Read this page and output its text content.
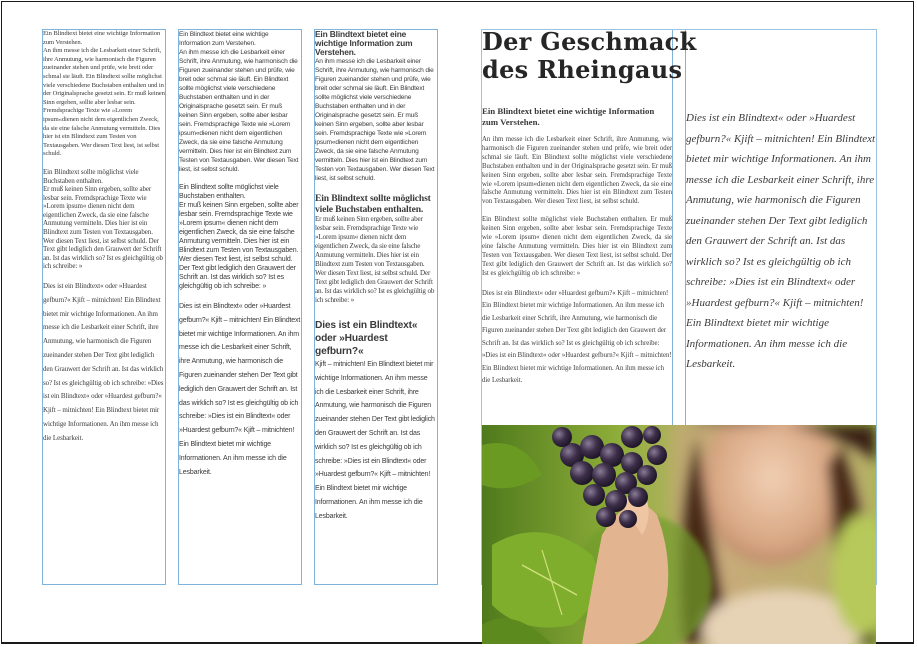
Ein Blindtext bietet eine wichtige Information zum Verstehen.

An ihm messe ich die Lesbarkeit einer Schrift, ihre Anmutung, wie harmonisch die Figuren zueinander stehen und prüfe, wie breit oder schmal sie läuft. Ein Blindtext sollte möglichst viele verschiedene Buchstaben enthalten und in der Originalsprache gesetzt sein. Er muß keinen Sinn ergeben, sollte aber lesbar sein. Fremdsprachige Texte wie »Lorem ipsum«dienen nicht dem eigentlichen Zweck, da sie eine falsche Anmutung vermitteln. Dies hier ist ein Blindtext zum Testen von Textausgaben. Wer diesen Text liest, ist selbst schuld.

Ein Blindtext sollte möglichst viele Buchstaben enthalten.

Er muß keinen Sinn ergeben, sollte aber lesbar sein. Fremdsprachige Texte wie »Lorem ipsum« dienen nicht dem eigentlichen Zweck, da sie eine falsche Anmutung vermitteln. Dies hier ist ein Blindtext zum Testen von Textausgaben. Wer diesen Text liest, ist selbst schuld. Der Text gibt lediglich den Grauwert der Schrift an. Ist das wirklich so? Ist es gleichgültig ob ich schreibe: »

Dies ist ein Blindtext« oder »Huardest gefburn?« Kjift – mitnichten! Ein Blindtext bietet mir wichtige Informationen. An ihm messe ich die Lesbarkeit einer Schrift, ihre Anmutung, wie harmonisch die Figuren zueinander stehen Der Text gibt lediglich den Grauwert der Schrift an. Ist das wirklich so? Ist es gleichgültig ob ich schreibe: »Dies ist ein Blindtext« oder »Huardest gefburn?« Kjift – mitnichten! Ein Blindtext bietet mir wichtige Informationen. An ihm messe ich die Lesbarkeit.

Ein Blindtext bietet eine wichtige Information zum Verstehen.

An ihm messe ich die Lesbarkeit einer Schrift, ihre Anmutung, wie harmonisch die Figuren zueinander stehen und prüfe, wie breit oder schmal sie läuft. Ein Blindtext sollte möglichst viele verschiedene Buchstaben enthalten und in der Originalsprache gesetzt sein. Er muß keinen Sinn ergeben, sollte aber lesbar sein. Fremdsprachige Texte wie »Lorem ipsum«dienen nicht dem eigentlichen Zweck, da sie eine falsche Anmutung vermitteln. Dies hier ist ein Blindtext zum Testen von Textausgaben. Wer diesen Text liest, ist selbst schuld.

Ein Blindtext sollte möglichst viele Buchstaben enthalten.

Er muß keinen Sinn ergeben, sollte aber lesbar sein. Fremdsprachige Texte wie »Lorem ipsum« dienen nicht dem eigentlichen Zweck, da sie eine falsche Anmutung vermitteln. Dies hier ist ein Blindtext zum Testen von Textausgaben. Wer diesen Text liest, ist selbst schuld. Der Text gibt lediglich den Grauwert der Schrift an. Ist das wirklich so? Ist es gleichgültig ob ich schreibe: »

Dies ist ein Blindtext« oder »Huardest gefburn?« Kjift – mitnichten! Ein Blindtext bietet mir wichtige Informationen. An ihm messe ich die Lesbarkeit einer Schrift, ihre Anmutung, wie harmonisch die Figuren zueinander stehen Der Text gibt lediglich den Grauwert der Schrift an. Ist das wirklich so? Ist es gleichgültig ob ich schreibe: »Dies ist ein Blindtext« oder »Huardest gefburn?« Kjift – mitnichten! Ein Blindtext bietet mir wichtige Informationen. An ihm messe ich die Lesbarkeit.

Ein Blindtext bietet eine wichtige Information zum Verstehen.

An ihm messe ich die Lesbarkeit einer Schrift, ihre Anmutung, wie harmonisch die Figuren zueinander stehen und prüfe, wie breit oder schmal sie läuft. Ein Blindtext sollte möglichst viele verschiedene Buchstaben enthalten und in der Originalsprache gesetzt sein. Er muß keinen Sinn ergeben, sollte aber lesbar sein. Fremdsprachige Texte wie »Lorem ipsum«dienen nicht dem eigentlichen Zweck, da sie eine falsche Anmutung vermitteln. Dies hier ist ein Blindtext zum Testen von Textausgaben. Wer diesen Text liest, ist selbst schuld.

Ein Blindtext sollte möglichst viele Buchstaben enthalten.

Er muß keinen Sinn ergeben, sollte aber lesbar sein. Fremdsprachige Texte wie »Lorem ipsum« dienen nicht dem eigentlichen Zweck, da sie eine falsche Anmutung vermitteln. Dies hier ist ein Blindtext zum Testen von Textausgaben. Wer diesen Text liest, ist selbst schuld. Der Text gibt lediglich den Grauwert der Schrift an. Ist das wirklich so? Ist es gleichgültig ob ich schreibe: »

Dies ist ein Blindtext« oder »Huardest gefburn?«

Kjift – mitnichten! Ein Blindtext bietet mir wichtige Informationen. An ihm messe ich die Lesbarkeit einer Schrift, ihre Anmutung, wie harmonisch die Figuren zueinander stehen Der Text gibt lediglich den Grauwert der Schrift an. Ist das wirklich so? Ist es gleichgültig ob ich schreibe: »Dies ist ein Blindtext« oder »Huardest gefburn?« Kjift – mitnichten! Ein Blindtext bietet mir wichtige Informationen. An ihm messe ich die Lesbarkeit.

Der Geschmack des Rheingaus

Ein Blindtext bietet eine wichtige Information zum Verstehen.

An ihm messe ich die Lesbarkeit einer Schrift, ihre Anmutung, wie harmonisch die Figuren zueinander stehen und prüfe, wie breit oder schmal sie läuft. Ein Blindtext sollte möglichst viele verschiedene Buchstaben enthalten und in der Originalsprache gesetzt sein. Er muß keinen Sinn ergeben, sollte aber lesbar sein. Fremdsprachige Texte wie »Lorem ipsum«dienen nicht dem eigentlichen Zweck, da sie eine falsche Anmutung vermitteln. Dies hier ist ein Blindtext zum Testen von Textausgaben. Wer diesen Text liest, ist selbst schuld.

Ein Blindtext sollte möglichst viele Buchstaben enthalten. Er muß keinen Sinn ergeben, sollte aber lesbar sein. Fremdsprachige Texte wie »Lorem ipsum« dienen nicht dem eigentlichen Zweck, da sie eine falsche Anmutung vermitteln. Dies hier ist ein Blindtext zum Testen von Textausgaben. Wer diesen Text liest, ist selbst schuld. Der Text gibt lediglich den Grauwert der Schrift an. Ist das wirklich so? Ist es gleichgültig ob ich schreibe: »

Dies ist ein Blindtext« oder »Huardest gefburn?« Kjift – mitnichten! Ein Blindtext bietet mir wichtige Informationen. An ihm messe ich die Lesbarkeit einer Schrift, ihre Anmutung, wie harmonisch die Figuren zueinander stehen Der Text gibt lediglich den Grauwert der Schrift an. Ist das wirklich so? Ist es gleichgültig ob ich schreibe: »Dies ist ein Blindtext« oder »Huardest gefburn?« Kjift – mitnichten! Ein Blindtext bietet mir wichtige Informationen. An ihm messe ich die Lesbarkeit.

Dies ist ein Blindtext« oder »Huardest gefburn?« Kjift – mitnichten! Ein Blindtext bietet mir wichtige Informationen. An ihm messe ich die Lesbarkeit einer Schrift, ihre Anmutung, wie harmonisch die Figuren zueinander stehen Der Text gibt lediglich den Grauwert der Schrift an. Ist das wirklich so? Ist es gleichgültig ob ich schreibe: »Dies ist ein Blindtext« oder »Huardest gefburn?« Kjift – mitnichten! Ein Blindtext bietet mir wichtige Informationen. An ihm messe ich die Lesbarkeit.
